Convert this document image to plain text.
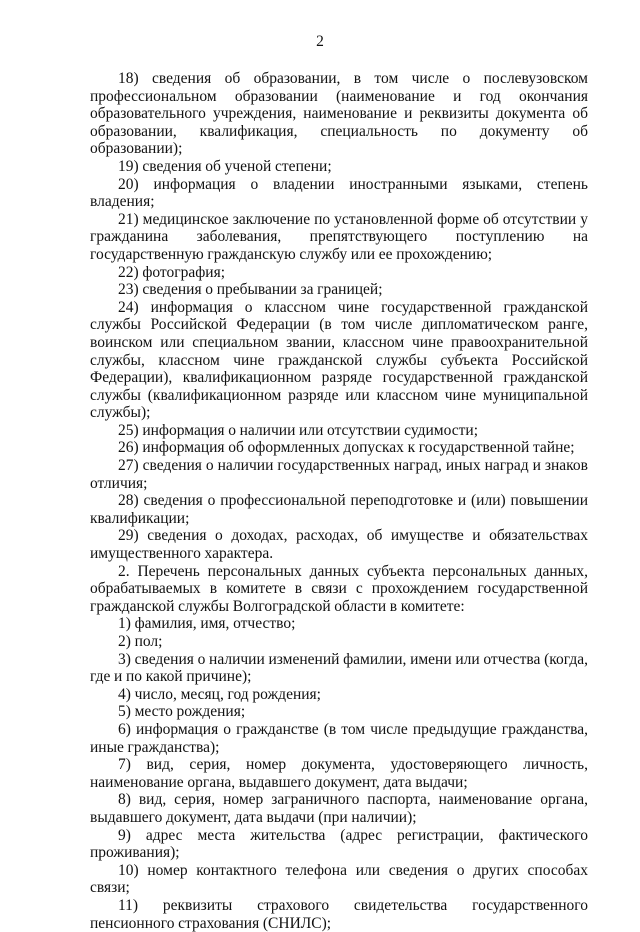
2

18) сведения об образовании, в том числе о послевузовском профессиональном образовании (наименование и год окончания образовательного учреждения, наименование и реквизиты документа об образовании, квалификация, специальность по документу об образовании);

19) сведения об ученой степени;

20) информация о владении иностранными языками, степень владения;

21) медицинское заключение по установленной форме об отсутствии у гражданина заболевания, препятствующего поступлению на государственную гражданскую службу или ее прохождению;

22) фотография;

23) сведения о пребывании за границей;

24) информация о классном чине государственной гражданской службы Российской Федерации (в том числе дипломатическом ранге, воинском или специальном звании, классном чине правоохранительной службы, классном чине гражданской службы субъекта Российской Федерации), квалификационном разряде государственной гражданской службы (квалификационном разряде или классном чине муниципальной службы);

25) информация о наличии или отсутствии судимости;

26) информация об оформленных допусках к государственной тайне;

27) сведения о наличии государственных наград, иных наград и знаков отличия;

28) сведения о профессиональной переподготовке и (или) повышении квалификации;

29) сведения о доходах, расходах, об имуществе и обязательствах имущественного характера.

2. Перечень персональных данных субъекта персональных данных, обрабатываемых в комитете в связи с прохождением государственной гражданской службы Волгоградской области в комитете:

1) фамилия, имя, отчество;

2) пол;

3) сведения о наличии изменений фамилии, имени или отчества (когда, где и по какой причине);

4) число, месяц, год рождения;

5) место рождения;

6) информация о гражданстве (в том числе предыдущие гражданства, иные гражданства);

7) вид, серия, номер документа, удостоверяющего личность, наименование органа, выдавшего документ, дата выдачи;

8) вид, серия, номер заграничного паспорта, наименование органа, выдавшего документ, дата выдачи (при наличии);

9) адрес места жительства (адрес регистрации, фактического проживания);

10) номер контактного телефона или сведения о других способах связи;

11) реквизиты страхового свидетельства государственного пенсионного страхования (СНИЛС);
